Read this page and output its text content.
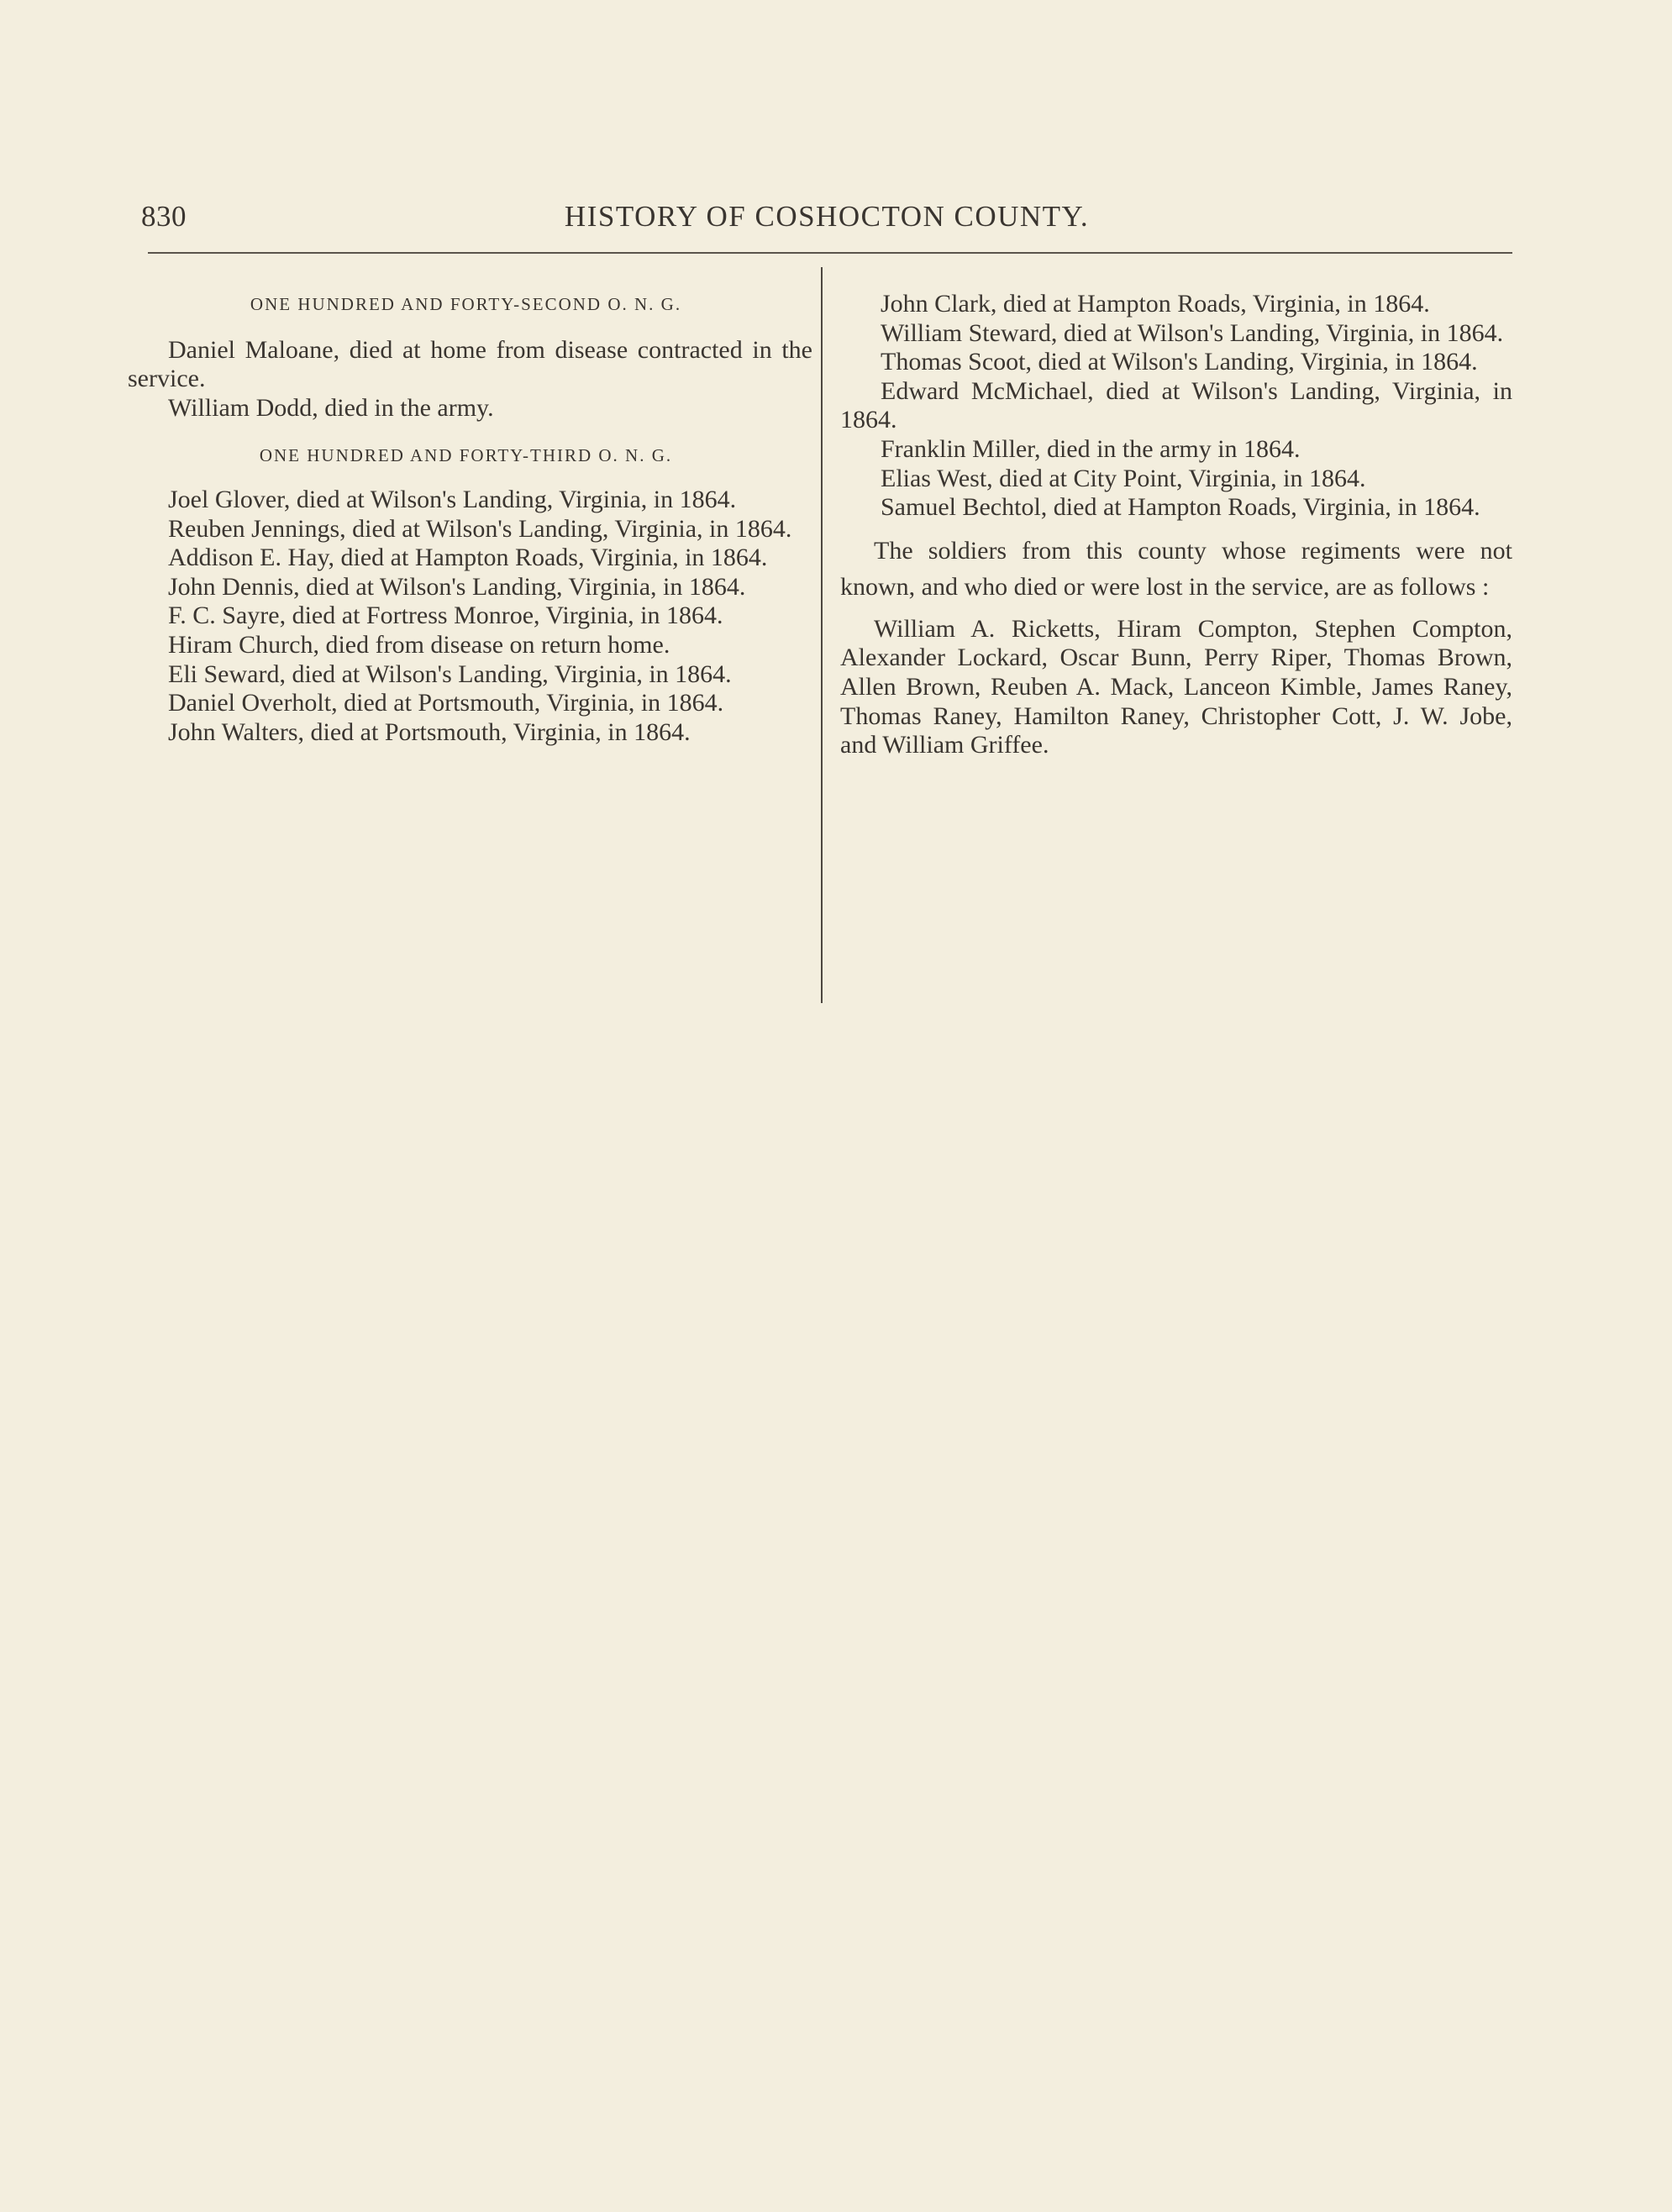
830	HISTORY OF COSHOCTON COUNTY.
ONE HUNDRED AND FORTY-SECOND O. N. G.

Daniel Maloane, died at home from disease contracted in the service.

William Dodd, died in the army.

ONE HUNDRED AND FORTY-THIRD O. N. G.

Joel Glover, died at Wilson's Landing, Virginia, in 1864.

Reuben Jennings, died at Wilson's Landing, Virginia, in 1864.

Addison E. Hay, died at Hampton Roads, Virginia, in 1864.

John Dennis, died at Wilson's Landing, Virginia, in 1864.

F. C. Sayre, died at Fortress Monroe, Virginia, in 1864.

Hiram Church, died from disease on return home.

Eli Seward, died at Wilson's Landing, Virginia, in 1864.

Daniel Overholt, died at Portsmouth, Virginia, in 1864.

John Walters, died at Portsmouth, Virginia, in 1864.

John Clark, died at Hampton Roads, Virginia, in 1864.

William Steward, died at Wilson's Landing, Virginia, in 1864.

Thomas Scoot, died at Wilson's Landing, Virginia, in 1864.

Edward McMichael, died at Wilson's Landing, Virginia, in 1864.

Franklin Miller, died in the army in 1864.

Elias West, died at City Point, Virginia, in 1864.

Samuel Bechtol, died at Hampton Roads, Virginia, in 1864.

The soldiers from this county whose regiments were not known, and who died or were lost in the service, are as follows :

William A. Ricketts, Hiram Compton, Stephen Compton, Alexander Lockard, Oscar Bunn, Perry Riper, Thomas Brown, Allen Brown, Reuben A. Mack, Lanceon Kimble, James Raney, Thomas Raney, Hamilton Raney, Christopher Cott, J. W. Jobe, and William Griffee.
